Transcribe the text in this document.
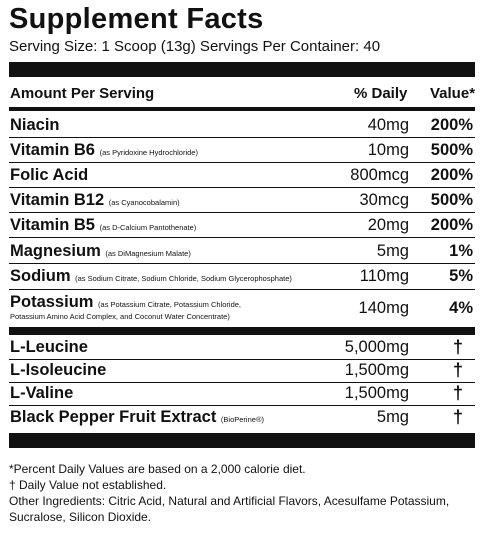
Supplement Facts
Serving Size: 1 Scoop (13g) Servings Per Container: 40
Amount Per Serving	% Daily Value*
Niacin	40mg 200%
Vitamin B6 (as Pyridoxine Hydrochloride)	10mg 500%
Folic Acid	800mcg 200%
Vitamin B12 (as Cyanocobalamin)	30mcg 500%
Vitamin B5 (as D-Calcium Pantothenate)	20mg 200%
Magnesium (as DiMagnesium Malate)	5mg 1%
Sodium (as Sodium Citrate, Sodium Chloride, Sodium Glycerophosphate)	110mg 5%
Potassium (as Potassium Citrate, Potassium Chloride,
Potassium Amino Acid Complex, and Coconut Water Concentrate)	140mg 4%
L-Leucine	5,000mg †
L-Isoleucine	1,500mg †
L-Valine	1,500mg †
Black Pepper Fruit Extract (BioPerine®)	5mg †
*Percent Daily Values are based on a 2,000 calorie diet.
† Daily Value not established.
Other Ingredients: Citric Acid, Natural and Artificial Flavors, Acesulfame Potassium, Sucralose, Silicon Dioxide.
